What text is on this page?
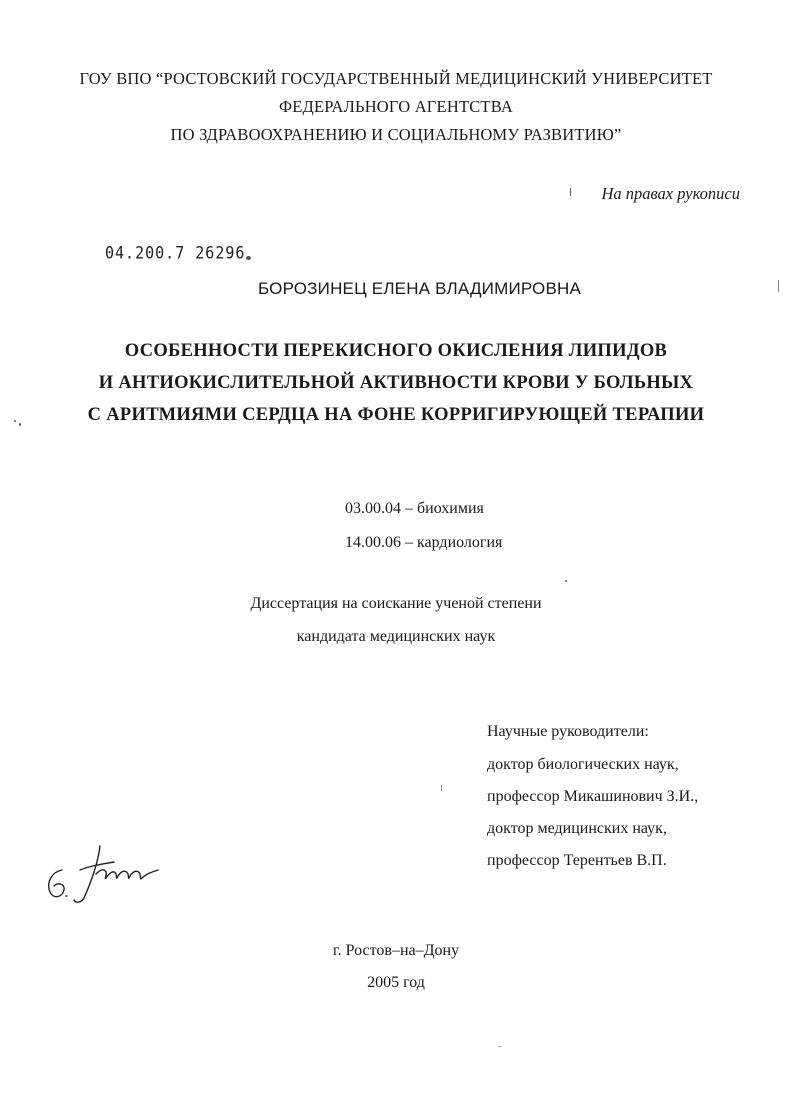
ГОУ ВПО “РОСТОВСКИЙ ГОСУДАРСТВЕННЫЙ МЕДИЦИНСКИЙ УНИВЕРСИТЕТ
ФЕДЕРАЛЬНОГО АГЕНТСТВА
ПО ЗДРАВООХРАНЕНИЮ И СОЦИАЛЬНОМУ РАЗВИТИЮ”
На правах рукописи
04.200.7 26296
БОРОЗИНЕЦ ЕЛЕНА ВЛАДИМИРОВНА
ОСОБЕННОСТИ ПЕРЕКИСНОГО ОКИСЛЕНИЯ ЛИПИДОВ
И АНТИОКИСЛИТЕЛЬНОЙ АКТИВНОСТИ КРОВИ У БОЛЬНЫХ
С АРИТМИЯМИ СЕРДЦА НА ФОНЕ КОРРИГИРУЮЩЕЙ ТЕРАПИИ
03.00.04 – биохимия
14.00.06 – кардиология
Диссертация на соискание ученой степени
кандидата медицинских наук
Научные руководители:
доктор биологических наук,
профессор Микашинович З.И.,
доктор медицинских наук,
профессор Терентьев В.П.
г. Ростов–на–Дону
2005 год
